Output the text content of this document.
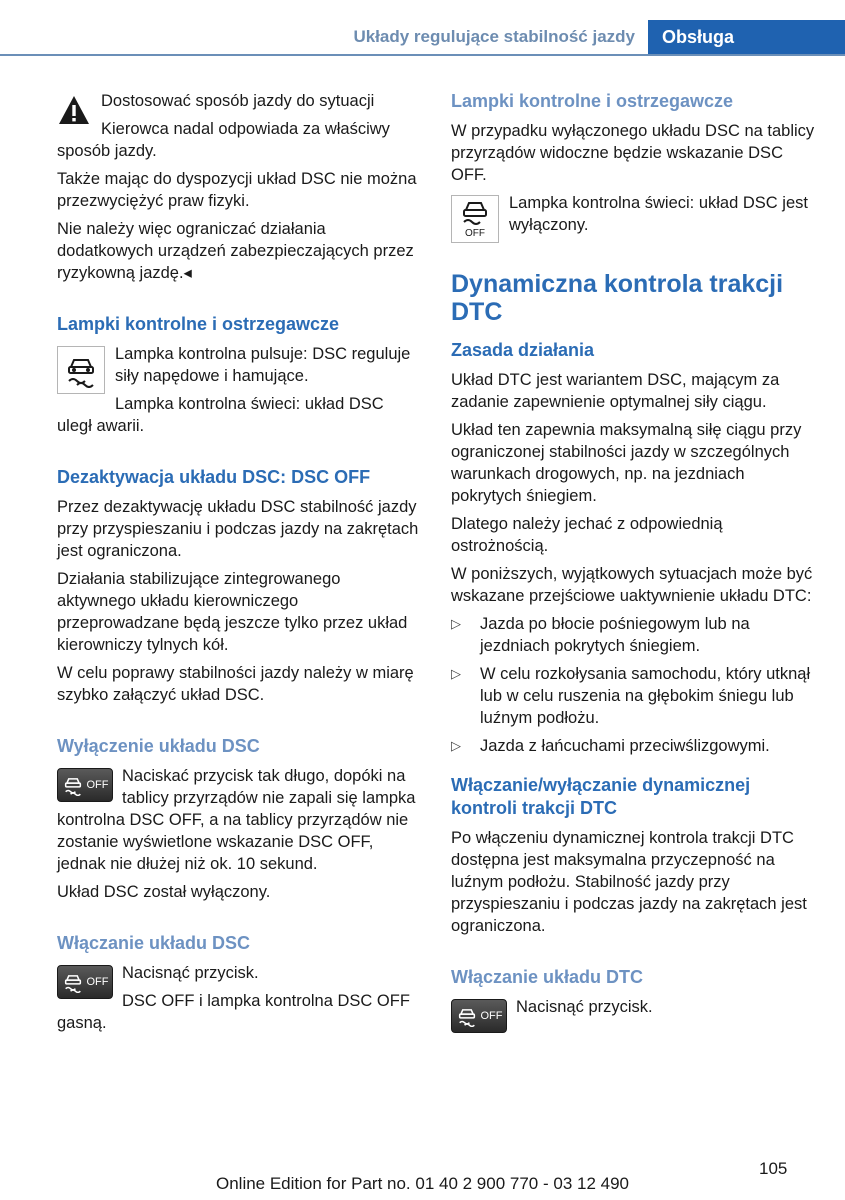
Układy regulujące stabilność jazdy	Obsługa

Dostosować sposób jazdy do sytuacji

Kierowca nadal odpowiada za właściwy sposób jazdy.

Także mając do dyspozycji układ DSC nie można przezwyciężyć praw fizyki.

Nie należy więc ograniczać działania dodatkowych urządzeń zabezpieczających przez ryzykowną jazdę.◂

Lampki kontrolne i ostrzegawcze

Lampka kontrolna pulsuje: DSC reguluje siły napędowe i hamujące.

Lampka kontrolna świeci: układ DSC uległ awarii.

Dezaktywacja układu DSC: DSC OFF

Przez dezaktywację układu DSC stabilność jazdy przy przyspieszaniu i podczas jazdy na zakrętach jest ograniczona.

Działania stabilizujące zintegrowanego aktywnego układu kierowniczego przeprowadzane będą jeszcze tylko przez układ kierowniczy tylnych kół.

W celu poprawy stabilności jazdy należy w miarę szybko załączyć układ DSC.

Wyłączenie układu DSC
OFF Naciskać przycisk tak długo, dopóki na tablicy przyrządów nie zapali się lampka kontrolna DSC OFF, a na tablicy przyrządów nie zostanie wyświetlone wskazanie DSC OFF, jednak nie dłużej niż ok. 10 sekund.

Układ DSC został wyłączony.

Włączanie układu DSC
OFF Nacisnąć przycisk.

DSC OFF i lampka kontrolna DSC OFF gasną.

Lampki kontrolne i ostrzegawcze

W przypadku wyłączonego układu DSC na tablicy przyrządów widoczne będzie wskazanie DSC OFF.

OFF

Lampka kontrolna świeci: układ DSC jest wyłączony.

Dynamiczna kontrola trakcji DTC
Zasada działania

Układ DTC jest wariantem DSC, mającym za zadanie zapewnienie optymalnej siły ciągu.

Układ ten zapewnia maksymalną siłę ciągu przy ograniczonej stabilności jazdy w szczególnych warunkach drogowych, np. na jezdniach pokrytych śniegiem.

Dlatego należy jechać z odpowiednią ostrożnością.

W poniższych, wyjątkowych sytuacjach może być wskazane przejściowe uaktywnienie układu DTC:

▷ Jazda po błocie pośniegowym lub na jezdniach pokrytych śniegiem.
▷ W celu rozkołysania samochodu, który utknął lub w celu ruszenia na głębokim śniegu lub luźnym podłożu.
▷ Jazda z łańcuchami przeciwślizgowymi.
Włączanie/wyłączanie dynamicznej kontroli trakcji DTC

Po włączeniu dynamicznej kontrola trakcji DTC dostępna jest maksymalna przyczepność na luźnym podłożu. Stabilność jazdy przy przyspieszaniu i podczas jazdy na zakrętach jest ograniczona.

Włączanie układu DTC
OFF Nacisnąć przycisk.

105
Online Edition for Part no. 01 40 2 900 770 - 03 12 490
